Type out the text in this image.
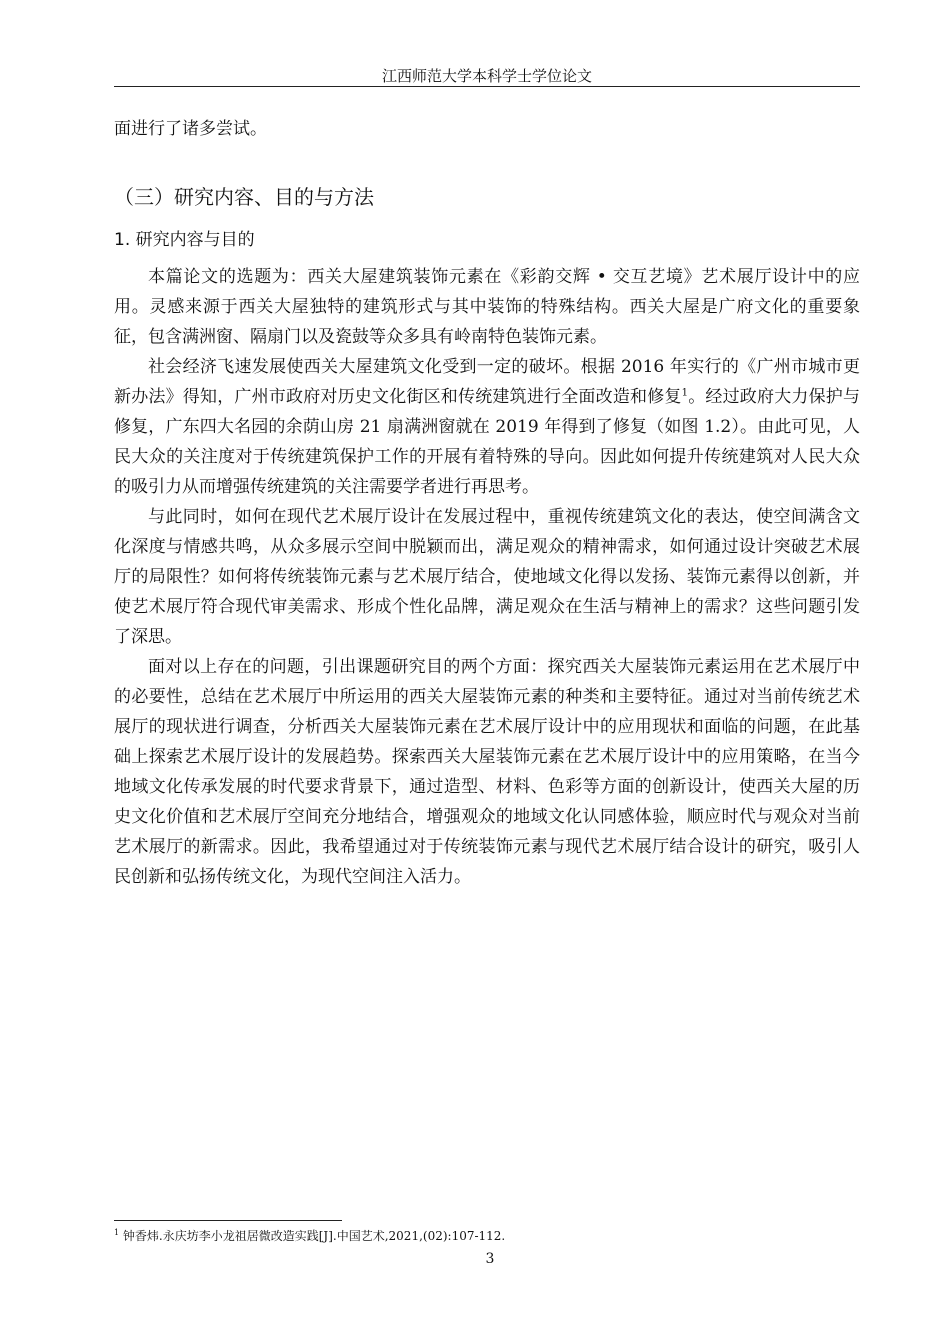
江西师范大学本科学士学位论文

面进行了诸多尝试。

（三）研究内容、目的与方法
1. 研究内容与目的

本篇论文的选题为：西关大屋建筑装饰元素在《彩韵交辉 • 交互艺境》艺术展厅设计中的应用。灵感来源于西关大屋独特的建筑形式与其中装饰的特殊结构。西关大屋是广府文化的重要象征，包含满洲窗、隔扇门以及瓷鼓等众多具有岭南特色装饰元素。

社会经济飞速发展使西关大屋建筑文化受到一定的破坏。根据 2016 年实行的《广州市城市更新办法》得知，广州市政府对历史文化街区和传统建筑进行全面改造和修复$^1$。经过政府大力保护与修复，广东四大名园的余荫山房 21 扇满洲窗就在 2019 年得到了修复（如图 1.2）。由此可见，人民大众的关注度对于传统建筑保护工作的开展有着特殊的导向。因此如何提升传统建筑对人民大众的吸引力从而增强传统建筑的关注需要学者进行再思考。

与此同时，如何在现代艺术展厅设计在发展过程中，重视传统建筑文化的表达，使空间满含文化深度与情感共鸣，从众多展示空间中脱颖而出，满足观众的精神需求，如何通过设计突破艺术展厅的局限性？如何将传统装饰元素与艺术展厅结合，使地域文化得以发扬、装饰元素得以创新，并使艺术展厅符合现代审美需求、形成个性化品牌，满足观众在生活与精神上的需求？这些问题引发了深思。

面对以上存在的问题，引出课题研究目的两个方面：探究西关大屋装饰元素运用在艺术展厅中的必要性，总结在艺术展厅中所运用的西关大屋装饰元素的种类和主要特征。通过对当前传统艺术展厅的现状进行调查，分析西关大屋装饰元素在艺术展厅设计中的应用现状和面临的问题，在此基础上探索艺术展厅设计的发展趋势。探索西关大屋装饰元素在艺术展厅设计中的应用策略，在当今地域文化传承发展的时代要求背景下，通过造型、材料、色彩等方面的创新设计，使西关大屋的历史文化价值和艺术展厅空间充分地结合，增强观众的地域文化认同感体验，顺应时代与观众对当前艺术展厅的新需求。因此，我希望通过对于传统装饰元素与现代艺术展厅结合设计的研究，吸引人民创新和弘扬传统文化，为现代空间注入活力。

$^1$ 钟香炜.永庆坊李小龙祖居微改造实践[J].中国艺术,2021,(02):107-112.
3
